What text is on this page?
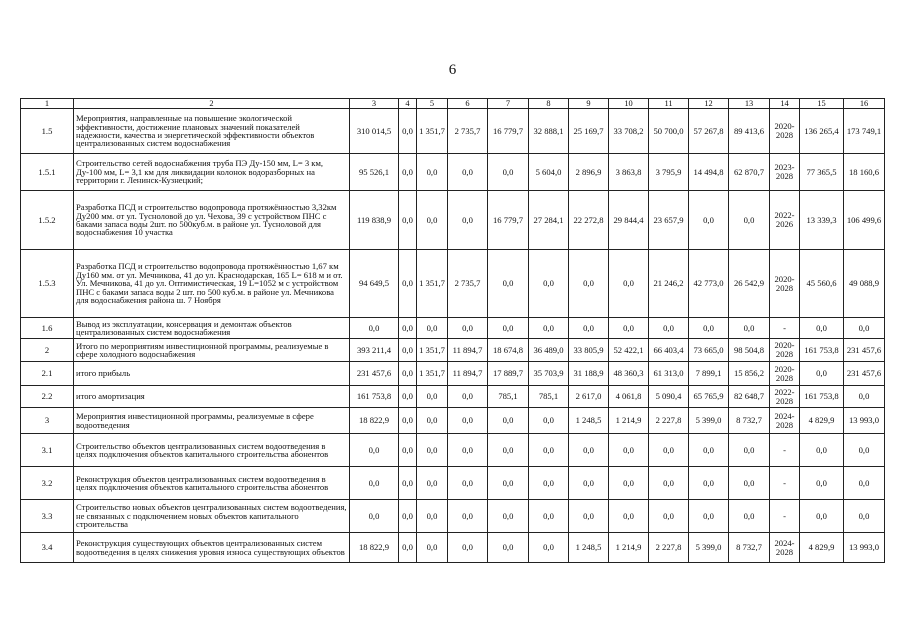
6
1	2	3	4	5	6	7	8	9	10	11	12	13	14	15	16
1.5	Мероприятия, направленные на повышение экологической эффективности, достижение плановых значений показателей надежности, качества и энергетической эффективности объектов централизованных систем водоснабжения	310 014,5	0,0	1 351,7	2 735,7	16 779,7	32 888,1	25 169,7	33 708,2	50 700,0	57 267,8	89 413,6	2020-2028	136 265,4	173 749,1
1.5.1	Строительство сетей водоснабжения труба ПЭ Ду-150 мм, L= 3 км, Ду-100 мм, L= 3,1 км для ликвидации колонок водоразборных на территории г. Ленинск-Кузнецкий;	95 526,1	0,0	0,0	0,0	0,0	5 604,0	2 896,9	3 863,8	3 795,9	14 494,8	62 870,7	2023-2028	77 365,5	18 160,6
1.5.2	Разработка ПСД и строительство водопровода протяжённостью 3,32км Ду200 мм. от ул. Тусноловой до ул. Чехова, 39 с устройством ПНС с баками запаса воды 2шт. по 500куб.м. в районе ул. Тусноловой для водоснабжения 10 участка	119 838,9	0,0	0,0	0,0	16 779,7	27 284,1	22 272,8	29 844,4	23 657,9	0,0	0,0	2022-2026	13 339,3	106 499,6
1.5.3	Разработка ПСД и строительство водопровода протяжённостью 1,67 км Ду160 мм. от ул. Мечникова, 41 до ул. Краснодарская, 165 L= 618 м и от. Ул. Мечникова, 41 до ул. Оптимистическая, 19 L=1052 м с устройством ПНС с баками запаса воды 2 шт. по 500 куб.м. в районе ул. Мечникова для водоснабжения района ш. 7 Ноября	94 649,5	0,0	1 351,7	2 735,7	0,0	0,0	0,0	0,0	21 246,2	42 773,0	26 542,9	2020-2028	45 560,6	49 088,9
1.6	Вывод из эксплуатации, консервация и демонтаж объектов централизованных систем водоснабжения	0,0	0,0	0,0	0,0	0,0	0,0	0,0	0,0	0,0	0,0	0,0	-	0,0	0,0
2	Итого по мероприятиям инвестиционной программы, реализуемые в сфере холодного водоснабжения	393 211,4	0,0	1 351,7	11 894,7	18 674,8	36 489,0	33 805,9	52 422,1	66 403,4	73 665,0	98 504,8	2020-2028	161 753,8	231 457,6
2.1	итого прибыль	231 457,6	0,0	1 351,7	11 894,7	17 889,7	35 703,9	31 188,9	48 360,3	61 313,0	7 899,1	15 856,2	2020-2028	0,0	231 457,6
2.2	итого амортизация	161 753,8	0,0	0,0	0,0	785,1	785,1	2 617,0	4 061,8	5 090,4	65 765,9	82 648,7	2022-2028	161 753,8	0,0
3	Мероприятия инвестиционной программы, реализуемые в сфере водоотведения	18 822,9	0,0	0,0	0,0	0,0	0,0	1 248,5	1 214,9	2 227,8	5 399,0	8 732,7	2024-2028	4 829,9	13 993,0
3.1	Строительство объектов централизованных систем водоотведения в целях подключения объектов капитального строительства абонентов	0,0	0,0	0,0	0,0	0,0	0,0	0,0	0,0	0,0	0,0	0,0	-	0,0	0,0
3.2	Реконструкция объектов централизованных систем водоотведения в целях подключения объектов капитального строительства абонентов	0,0	0,0	0,0	0,0	0,0	0,0	0,0	0,0	0,0	0,0	0,0	-	0,0	0,0
3.3	Строительство новых объектов централизованных систем водоотведения, не связанных с подключением новых объектов капитального строительства	0,0	0,0	0,0	0,0	0,0	0,0	0,0	0,0	0,0	0,0	0,0	-	0,0	0,0
3.4	Реконструкция существующих объектов централизованных систем водоотведения в целях снижения уровня износа существующих объектов	18 822,9	0,0	0,0	0,0	0,0	0,0	1 248,5	1 214,9	2 227,8	5 399,0	8 732,7	2024-2028	4 829,9	13 993,0
